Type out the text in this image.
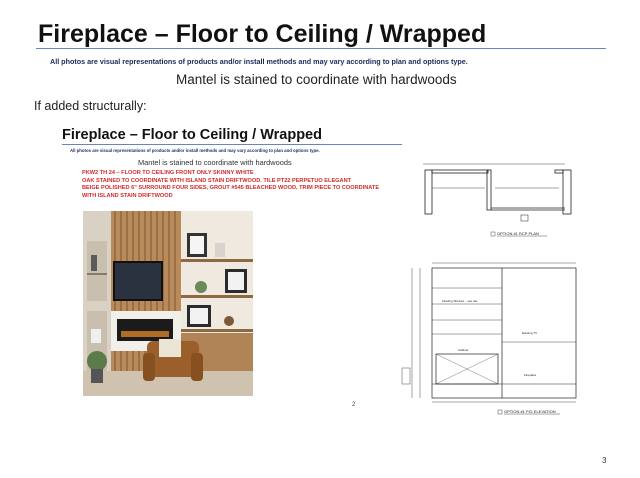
Fireplace – Floor to Ceiling / Wrapped
All photos are visual representations of products and/or install methods and may vary according to plan and options type.
Mantel is stained to coordinate with hardwoods
If added structurally:
Fireplace – Floor to Ceiling / Wrapped
All photos are visual representations of products and/or install methods and may vary according to plan and options type.
Mantel is stained to coordinate with hardwoods
PKW2 TH 24 – FLOOR TO CEILING FRONT ONLY SKINNY WHITE
OAK STAINED TO COORDINATE WITH ISLAND STAIN DRIFTWOOD. TILE PT22 PERPETUO ELEGANT
BEIGE POLISHED 6" SURROUND FOUR SIDES, GROUT #545 BLEACHED WOOD, TRIM PIECE TO COORDINATE
WITH ISLAND STAIN DRIFTWOOD
OPTION #1 RCP PLAN
Floating Shelves – see det
Existing TV
Cabinet
Fireplace
OPTION #1 FIG ELEVATION
2
3
